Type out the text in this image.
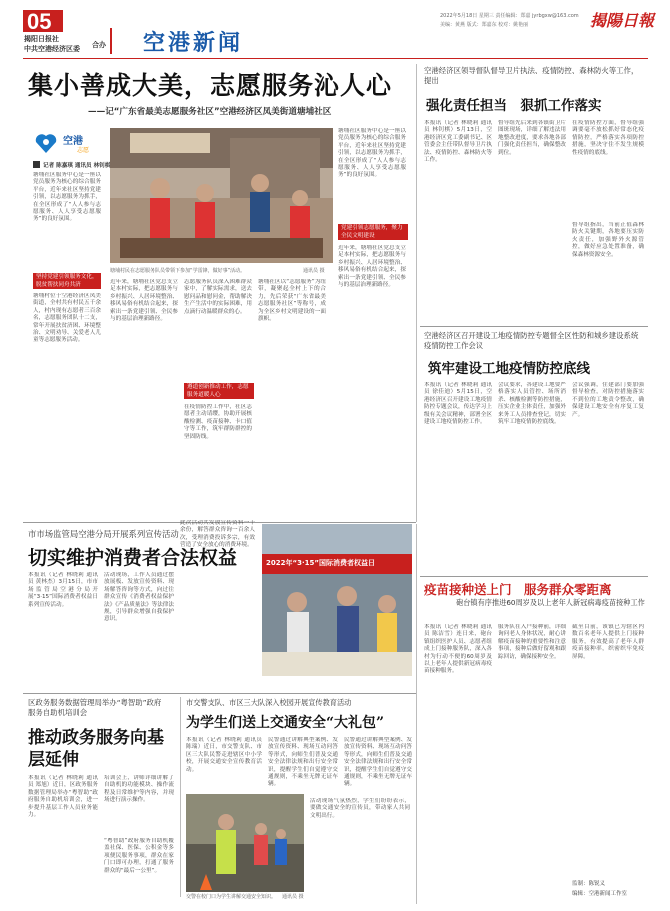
05
揭阳日报社
中共空港经济区委 合办 空港新闻
2022年5月18日 星期三 责任编辑：郑嘉 jyrbgxw@163.com
美编：黄燕 版式：郑嘉东 校对：姚艳丽	揭陽日報
集小善成大美，志愿服务沁人心
——记“广东省最美志愿服务社区”空港经济区凤美街道塘埔社区
空港
志愿
记者 陈嘉琪 通讯员 林钊棋
塘埔社区服务中心是一座以党员服务为核心的综合服务平台，近年来社区坚持党建引领，以志愿服务为抓手，在全区形成了“人人参与志愿服务、人人享受志愿服务”的良好氛围。
坚持党建引领服务文化，脱贫帮扶同舟共济
塘埔村位于空港经济区凤美街道，全村共有村民五千余人，村内现有志愿者三百余名，志愿服务团队十二支，常年开展扶贫济困、环境整治、文明劝导、关爱老人儿童等志愿服务活动。
塘埔村民在志愿服务队员带领下参加“学雷锋，做好事”活动。	通讯员 摄
近年来，塘埔社区党总支立足本村实际，把志愿服务与乡村振兴、人居环境整治、移风易俗有机结合起来，探索出一条党建引领、全民参与的基层治理新路径。
志愿服务队员深入困难群众家中，了解实际需求，送去慰问品和慰问金，帮助解决生产生活中的实际困难，用点滴行动温暖群众的心。
遵道创新推动工作，志愿服务道暖人心
在疫情防控工作中，社区志愿者主动请缨，协助开展核酸检测、疫苗接种、卡口值守等工作，筑牢群防群控的坚固防线。
塘埔社区以“志愿服务”为纽带，凝聚起全村上下的合力，先后荣获“广东省最美志愿服务社区”等称号，成为全区乡村文明建设的一面旗帜。
塘埔社区服务中心是一座以党员服务为核心的综合服务平台，近年来社区坚持党建引领，以志愿服务为抓手，在全区形成了“人人参与志愿服务、人人享受志愿服务”的良好氛围。
党建引领志愿服务，聚力全民文明建设
近年来，塘埔社区党总支立足本村实际，把志愿服务与乡村振兴、人居环境整治、移风易俗有机结合起来，探索出一条党建引领、全民参与的基层治理新路径。
空港经济区领导督队督导卫片执法、疫情防控、森林防火等工作，提出
强化责任担当　狠抓工作落实
本报讯（记者 林晓莉 通讯员 林钊棋）5月13日，空港经济区党工委副书记、区管委会主任带队督导卫片执法、疫情防控、森林防火等工作。
督导组先后来到各镇街卫片图斑现场，详细了解违法用地整改进度，要求各地各部门强化责任担当，确保整改到位。
在疫情防控方面，督导组强调要毫不放松抓好常态化疫情防控，严格落实各项防控措施，坚决守住不发生规模性疫情的底线。
督导组指出，当前正值森林防火关键期，各地要压实防火责任，加强野外火源管控，做好应急处置准备，确保森林资源安全。
空港经济区召开建设工地疫情防控专题督全区性防和城乡建设系统疫情防控工作会议
筑牢建设工地疫情防控底线
本报讯（记者 林晓莉 通讯员 徐佳迪）5月15日，空港经济区召开建设工地疫情防控专题会议，传达学习上级有关会议精神，部署全区建设工地疫情防控工作。
会议要求，各建设工地要严格落实人员管控、场所消杀、核酸检测等防控措施，压实企业主体责任，加强外来务工人员排查登记，切实筑牢工地疫情防控底线。
会议强调，住建部门要加强督导检查，对防控措施落实不到位的工地责令整改，确保建设工地安全有序复工复产。
疫苗接种送上门　服务群众零距离
砲台镇有序推进60周岁及以上老年人新冠病毒疫苗接种工作
本报讯（记者 林晓莉 通讯员 陈洁雪）连日来，砲台镇组织医护人员、志愿者组成上门接种服务队，深入各村为行动不便的60周岁及以上老年人提供新冠病毒疫苗接种服务。
服务队在入户接种前，详细询问老人身体状况，耐心讲解疫苗接种的重要性和注意事项，接种后做好留观和跟踪回访，确保接种安全。
截至目前，该镇已为辖区内数百名老年人提供上门接种服务，有效提高了老年人群疫苗接种率，织密织牢免疫屏障。
监制：陈锐义
编辑：空港新闻工作室
市市场监管局空港分局开展系列宣传活动
切实维护消费者合法权益
本报讯（记者 林晓莉 通讯员 黄林杰）3月15日，市市场监管局空港分局开展“3·15”国际消费者权益日系列宣传活动。
活动现场，工作人员通过摆放展板、发放宣传资料、现场解答咨询等方式，向过往群众宣传《消费者权益保护法》《产品质量法》等法律法规，引导群众增强自我保护意识。
此次活动共发放宣传资料一千余份，解答群众咨询一百余人次，受理消费投诉多宗，有效营造了安全放心的消费环境。
2022年“3·15”国际消费者权益日
区政务服务数据管理局举办“粤智助”政府服务自助机培训会
推动政务服务向基层延伸
本报讯（记者 林晓莉 通讯员 郑旭）近日，区政务服务数据管理局举办“粤智助”政府服务自助机培训会，进一步提升基层工作人员业务能力。
培训会上，讲师详细讲解了自助机的功能模块、操作流程及日常维护等内容，并现场进行演示操作。
“粤智助”政府服务自助机覆盖社保、医保、公积金等多项便民服务事项，群众在家门口即可办理，打通了服务群众的“最后一公里”。
市交警支队、市区三大队深入校园开展宣传教育活动
为学生们送上交通安全“大礼包”
本报讯（记者 林晓莉 通讯员 陈瑞）近日，市交警支队、市区三大队民警走进辖区中小学校，开展交通安全宣传教育活动。
交警在校门口为学生讲解交通安全知识。 通讯员 摄
民警通过讲解典型案例、发放宣传资料、现场互动问答等形式，向师生们普及交通安全法律法规和出行安全常识，提醒学生们自觉遵守交通规则，不乘坐无牌无证车辆。
活动现场气氛热烈，学生们纷纷表示，要做交通安全的宣传员，带动家人共同文明出行。
民警通过讲解典型案例、发放宣传资料、现场互动问答等形式，向师生们普及交通安全法律法规和出行安全常识，提醒学生们自觉遵守交通规则，不乘坐无牌无证车辆。
